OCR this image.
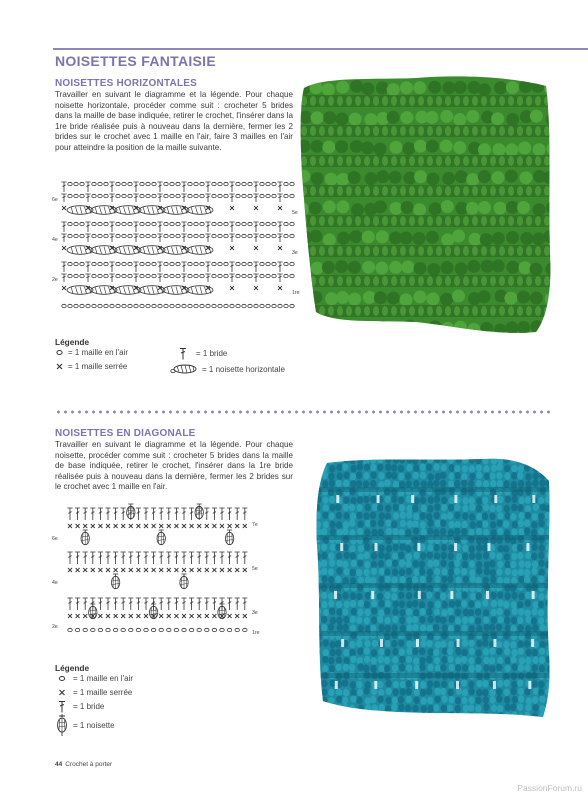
NOISETTES FANTAISIE
NOISETTES HORIZONTALES
Travailler en suivant le diagramme et la légende. Pour chaque noisette horizontale, procéder comme suit : crocheter 5 brides dans la maille de base indiquée, retirer le crochet, l'insérer dans la 1re bride réalisée puis à nouveau dans la dernière, fermer les 2 brides sur le crochet avec 1 maille en l'air, faire 3 mailles en l'air pour atteindre la position de la maille suivante.
6e
5e
4e
3e
2e
1re
Légende
= 1 maille en l'air
= 1 maille serrée
= 1 bride
= 1 noisette horizontale
NOISETTES EN DIAGONALE
Travailler en suivant le diagramme et la légende. Pour chaque noisette, procéder comme suit : crocheter 5 brides dans la maille de base indiquée, retirer le crochet, l'insérer dans la 1re bride réalisée puis à nouveau dans la dernière, fermer les 2 brides sur le crochet avec 1 maille en l'air.
6e
4e
2e
7e
5e
3e
1re
Légende
= 1 maille en l'air
= 1 maille serrée
= 1 bride
= 1 noisette
44 Crochet à porter
PassionForum.ru
